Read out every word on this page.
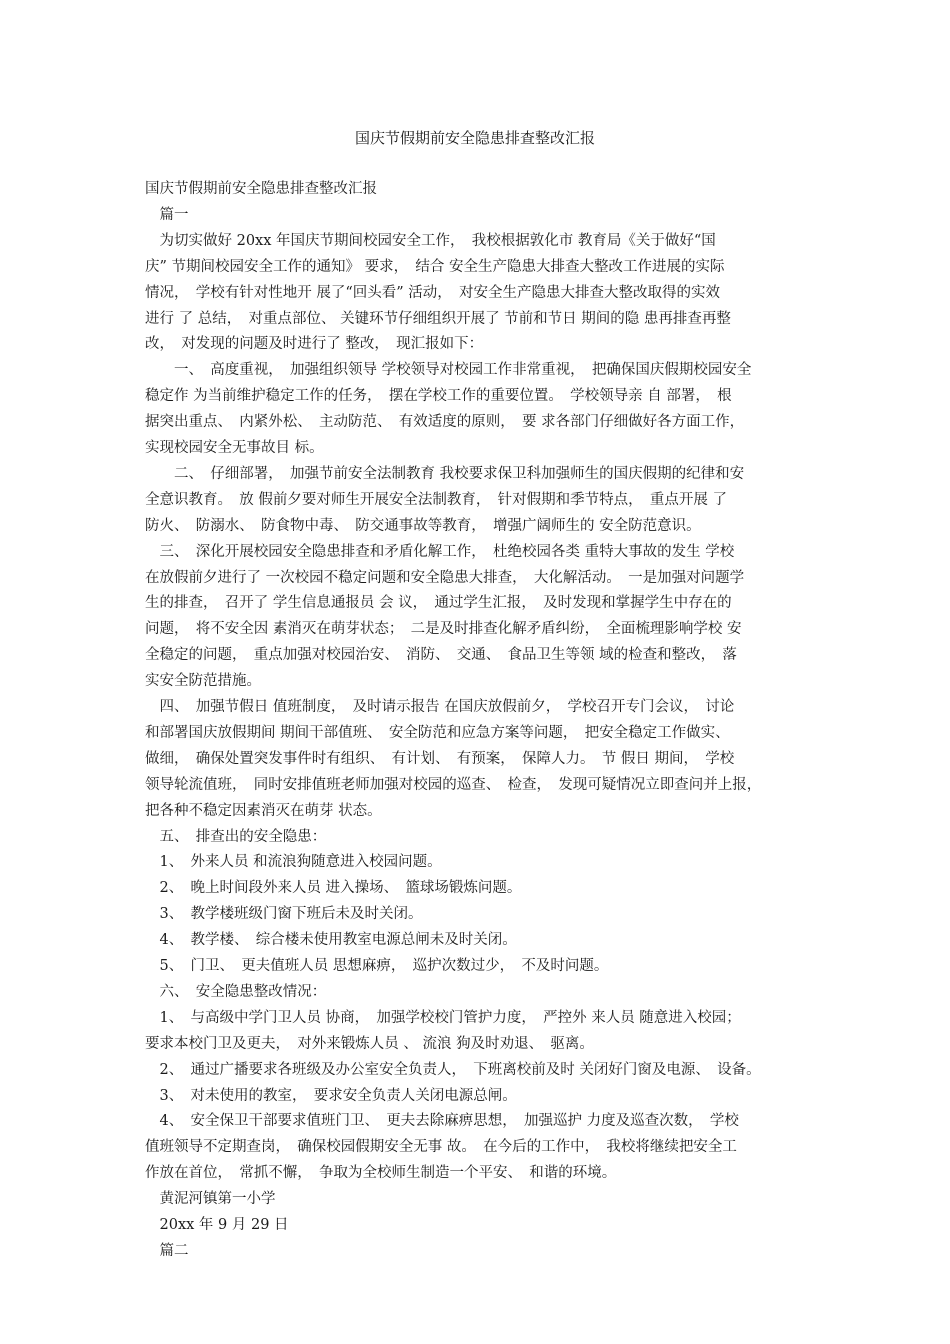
国庆节假期前安全隐患排查整改汇报

国庆节假期前安全隐患排查整改汇报

　篇一

　为切实做好 20xx 年国庆节期间校园安全工作，　我校根据敦化市 教育局《关于做好“国

庆” 节期间校园安全工作的通知》 要求，　结合 安全生产隐患大排查大整改工作进展的实际

情况，　学校有针对性地开 展了“回头看” 活动，　对安全生产隐患大排查大整改取得的实效

进行 了 总结，　对重点部位、 关键环节仔细组织开展了 节前和节日 期间的隐 患再排查再整

改，　对发现的问题及时进行了 整改，　现汇报如下：

　　一、　高度重视，　加强组织领导 学校领导对校园工作非常重视，　把确保国庆假期校园安全

稳定作 为当前维护稳定工作的任务，　摆在学校工作的重要位置。　学校领导亲 自 部署，　根

据突出重点、　内紧外松、　主动防范、　有效适度的原则，　要 求各部门仔细做好各方面工作，

实现校园安全无事故目 标。

　　二、　仔细部署，　加强节前安全法制教育 我校要求保卫科加强师生的国庆假期的纪律和安

全意识教育。　放 假前夕要对师生开展安全法制教育，　针对假期和季节特点，　重点开展 了

防火、　防溺水、　防食物中毒、　防交通事故等教育，　增强广阔师生的 安全防范意识。

　三、　深化开展校园安全隐患排查和矛盾化解工作，　杜绝校园各类 重特大事故的发生 学校

在放假前夕进行了 一次校园不稳定问题和安全隐患大排查，　大化解活动。　一是加强对问题学

生的排查，　召开了 学生信息通报员 会 议，　通过学生汇报，　及时发现和掌握学生中存在的

问题，　将不安全因 素消灭在萌芽状态；　二是及时排查化解矛盾纠纷，　全面梳理影响学校 安

全稳定的问题，　重点加强对校园治安、　消防、　交通、　食品卫生等领 域的检查和整改，　落

实安全防范措施。

　四、　加强节假日 值班制度，　及时请示报告 在国庆放假前夕，　学校召开专门会议，　讨论

和部署国庆放假期间 期间干部值班、　安全防范和应急方案等问题，　把安全稳定工作做实、

做细，　确保处置突发事件时有组织、　有计划、　有预案，　保障人力。　节 假日 期间，　学校

领导轮流值班，　同时安排值班老师加强对校园的巡查、　检查，　发现可疑情况立即查问并上报，

把各种不稳定因素消灭在萌芽 状态。

　五、　排查出的安全隐患：

　1、　外来人员 和流浪狗随意进入校园问题。

　2、　晚上时间段外来人员 进入操场、　篮球场锻炼问题。

　3、　教学楼班级门窗下班后未及时关闭。

　4、　教学楼、　综合楼未使用教室电源总闸未及时关闭。

　5、　门卫、　更夫值班人员 思想麻痹，　巡护次数过少，　不及时问题。

　六、　安全隐患整改情况：

　1、　与高级中学门卫人员 协商，　加强学校校门管护力度，　严控外 来人员 随意进入校园；

要求本校门卫及更夫，　对外来锻炼人员 、 流浪 狗及时劝退、　驱离。

　2、　通过广播要求各班级及办公室安全负责人，　下班离校前及时 关闭好门窗及电源、　设备。

　3、　对未使用的教室，　要求安全负责人关闭电源总闸。

　4、　安全保卫干部要求值班门卫、　更夫去除麻痹思想，　加强巡护 力度及巡查次数，　学校

值班领导不定期查岗，　确保校园假期安全无事 故。　在今后的工作中，　我校将继续把安全工

作放在首位，　常抓不懈，　争取为全校师生制造一个平安、　和谐的环境。

　黄泥河镇第一小学

　20xx 年 9 月 29 日

　篇二
